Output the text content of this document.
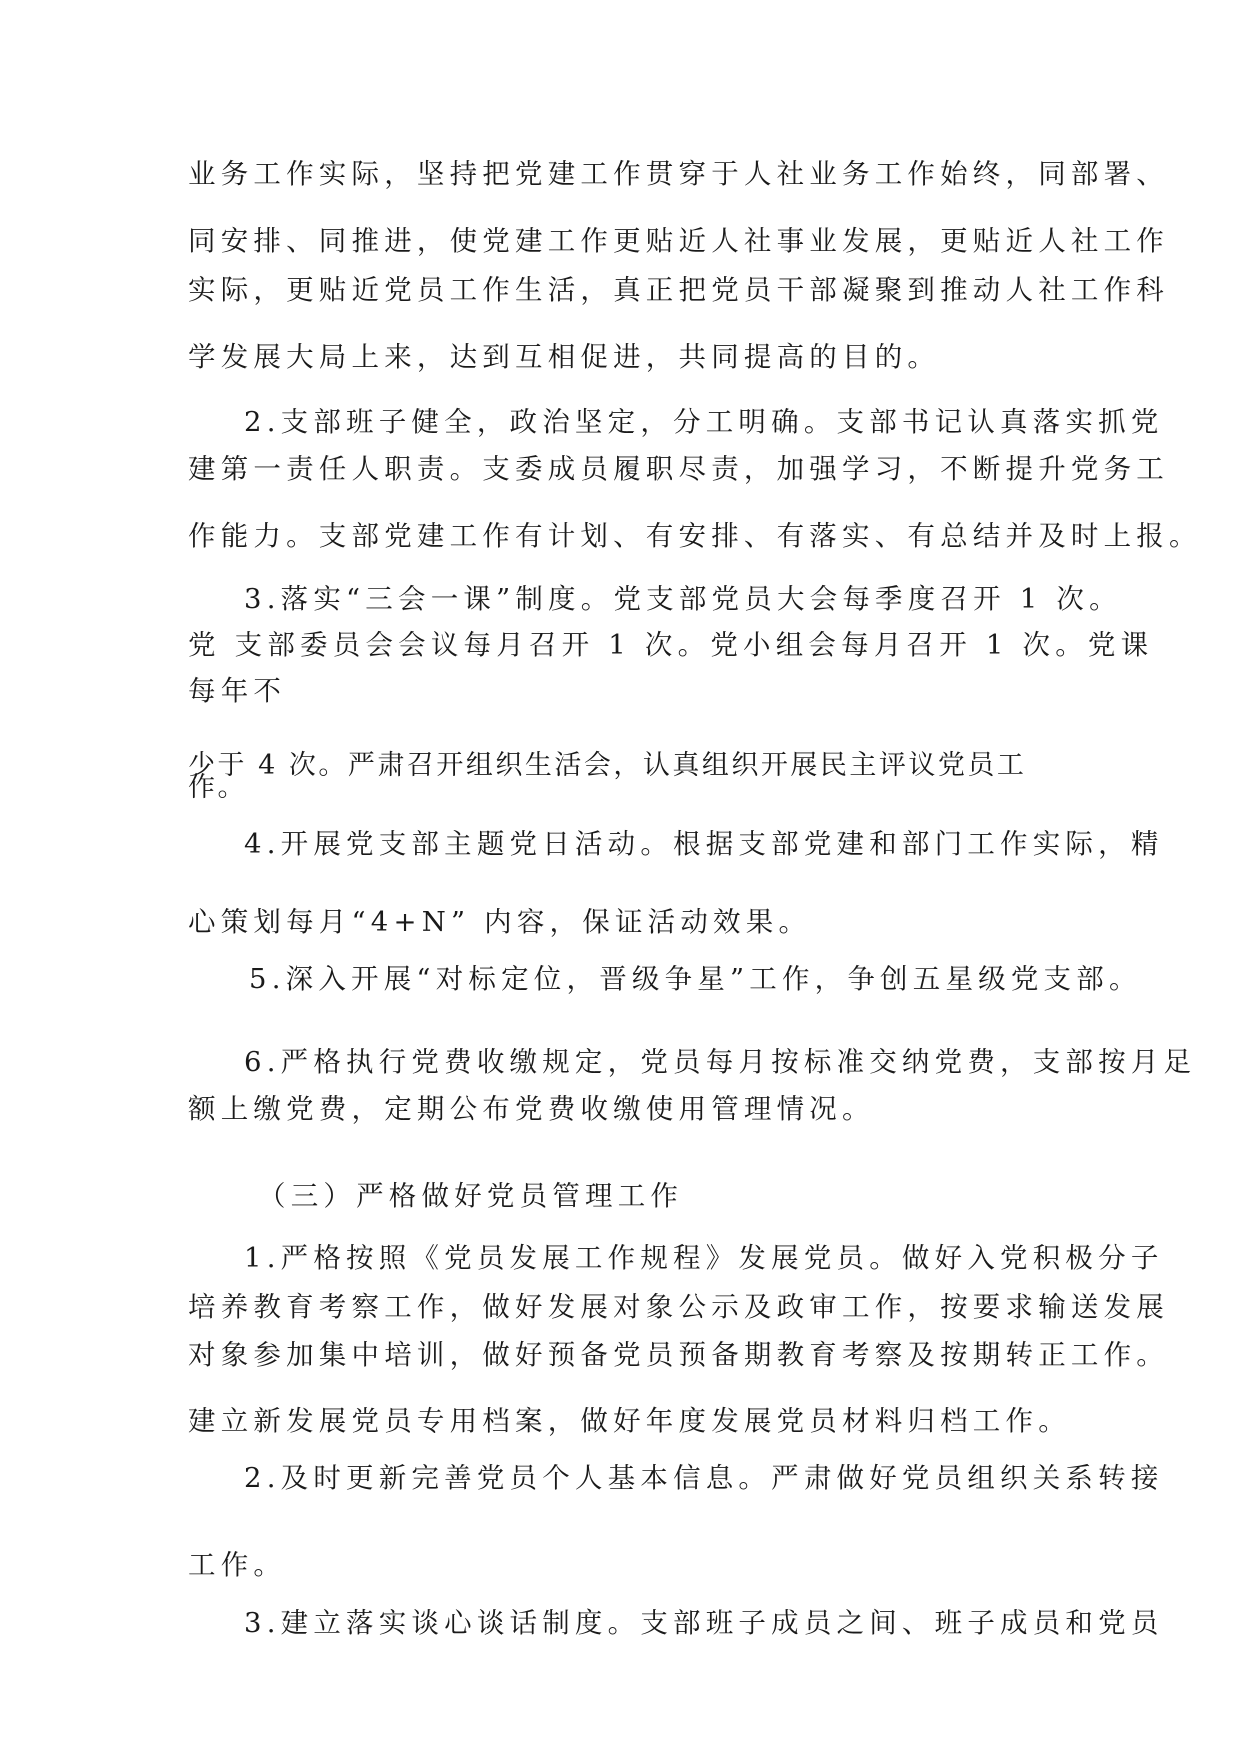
业务工作实际，坚持把党建工作贯穿于人社业务工作始终，同部署、

同安排、同推进，使党建工作更贴近人社事业发展，更贴近人社工作

实际，更贴近党员工作生活，真正把党员干部凝聚到推动人社工作科

学发展大局上来，达到互相促进，共同提高的目的。

2.支部班子健全，政治坚定，分工明确。支部书记认真落实抓党

建第一责任人职责。支委成员履职尽责，加强学习，不断提升党务工

作能力。支部党建工作有计划、有安排、有落实、有总结并及时上报。

3.落实“三会一课”制度。党支部党员大会每季度召开 1 次。

党 支部委员会会议每月召开 1 次。党小组会每月召开 1 次。党课

每年不

少于 4 次。严肃召开组织生活会，认真组织开展民主评议党员工

作。

4.开展党支部主题党日活动。根据支部党建和部门工作实际，精

心策划每月“4+N” 内容，保证活动效果。

5.深入开展“对标定位，晋级争星”工作，争创五星级党支部。

6.严格执行党费收缴规定，党员每月按标准交纳党费，支部按月足

额上缴党费，定期公布党费收缴使用管理情况。

（三）严格做好党员管理工作

1.严格按照《党员发展工作规程》发展党员。做好入党积极分子

培养教育考察工作，做好发展对象公示及政审工作，按要求输送发展

对象参加集中培训，做好预备党员预备期教育考察及按期转正工作。

建立新发展党员专用档案，做好年度发展党员材料归档工作。

2.及时更新完善党员个人基本信息。严肃做好党员组织关系转接

工作。

3.建立落实谈心谈话制度。支部班子成员之间、班子成员和党员
